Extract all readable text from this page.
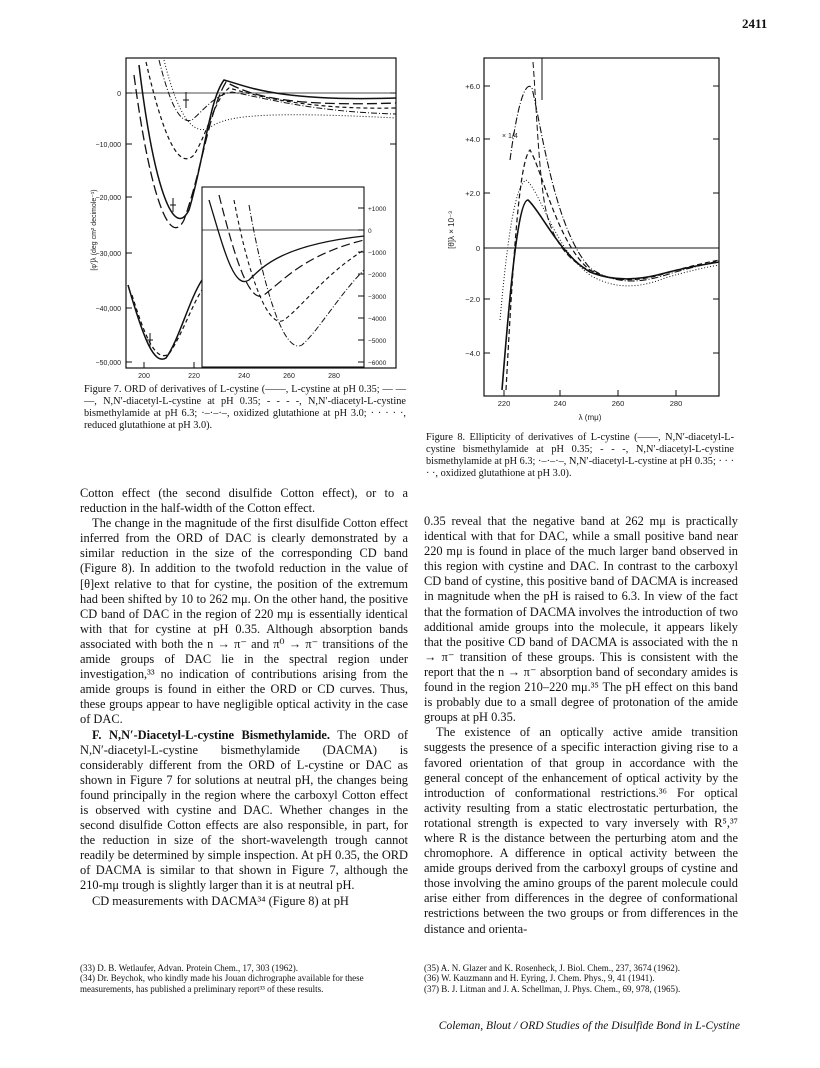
2411
0
−10,000
−20,000
−30,000
−40,000
−50,000
[φ']λ (deg cm² decimole⁻¹)
200	220	240	260	280
+1000
0
−1000
−2000
−3000
−4000
−5000
−6000
Figure 7. ORD of derivatives of L-cystine (——, L-cystine at pH 0.35; — — —, N,N′-diacetyl-L-cystine at pH 0.35; - - - -, N,N′-diacetyl-L-cystine bismethylamide at pH 6.3; ·–·–·–, oxidized glutathione at pH 3.0; · · · · ·, reduced glutathione at pH 3.0).
+6.0
+4.0
+2.0
0
−2.0
−4.0
[θ]λ × 10⁻³
220	240	260	280
λ (mμ)
× 1/4
Figure 8. Ellipticity of derivatives of L-cystine (——, N,N′-diacetyl-L-cystine bismethylamide at pH 0.35; - - -, N,N′-diacetyl-L-cystine bismethylamide at pH 6.3; ·–·–·–, N,N′-diacetyl-L-cystine at pH 0.35; · · · · ·, oxidized glutathione at pH 3.0).

Cotton effect (the second disulfide Cotton effect), or to a reduction in the half-width of the Cotton effect.

The change in the magnitude of the first disulfide Cotton effect inferred from the ORD of DAC is clearly demonstrated by a similar reduction in the size of the corresponding CD band (Figure 8). In addition to the twofold reduction in the value of [θ]ext relative to that for cystine, the position of the extremum had been shifted by 10 to 262 mμ. On the other hand, the positive CD band of DAC in the region of 220 mμ is essentially identical with that for cystine at pH 0.35. Although absorption bands associated with both the n → π⁻ and π⁰ → π⁻ transitions of the amide groups of DAC lie in the spectral region under investigation,³³ no indication of contributions arising from the amide groups is found in either the ORD or CD curves. Thus, these groups appear to have negligible optical activity in the case of DAC.

F. N,N′-Diacetyl-L-cystine Bismethylamide. The ORD of N,N′-diacetyl-L-cystine bismethylamide (DACMA) is considerably different from the ORD of L-cystine or DAC as shown in Figure 7 for solutions at neutral pH, the changes being found principally in the region where the carboxyl Cotton effect is observed with cystine and DAC. Whether changes in the second disulfide Cotton effects are also responsible, in part, for the reduction in size of the short-wavelength trough cannot readily be determined by simple inspection. At pH 0.35, the ORD of DACMA is similar to that shown in Figure 7, although the 210-mμ trough is slightly larger than it is at neutral pH.

CD measurements with DACMA³⁴ (Figure 8) at pH

0.35 reveal that the negative band at 262 mμ is practically identical with that for DAC, while a small positive band near 220 mμ is found in place of the much larger band observed in this region with cystine and DAC. In contrast to the carboxyl CD band of cystine, this positive band of DACMA is increased in magnitude when the pH is raised to 6.3. In view of the fact that the formation of DACMA involves the introduction of two additional amide groups into the molecule, it appears likely that the positive CD band of DACMA is associated with the n → π⁻ transition of these groups. This is consistent with the report that the n → π⁻ absorption band of secondary amides is found in the region 210–220 mμ.³⁵ The pH effect on this band is probably due to a small degree of protonation of the amide groups at pH 0.35.

The existence of an optically active amide transition suggests the presence of a specific interaction giving rise to a favored orientation of that group in accordance with the general concept of the enhancement of optical activity by the introduction of conformational restrictions.³⁶ For optical activity resulting from a static electrostatic perturbation, the rotational strength is expected to vary inversely with R⁵,³⁷ where R is the distance between the perturbing atom and the chromophore. A difference in optical activity between the amide groups derived from the carboxyl groups of cystine and those involving the amino groups of the parent molecule could arise either from differences in the degree of conformational restrictions between the two groups or from differences in the distance and orienta-

(33) D. B. Wetlaufer, Advan. Protein Chem., 17, 303 (1962).
(34) Dr. Beychok, who kindly made his Jouan dichrographe available for these measurements, has published a preliminary report³³ of these results.
(35) A. N. Glazer and K. Rosenheck, J. Biol. Chem., 237, 3674 (1962).
(36) W. Kauzmann and H. Eyring, J. Chem. Phys., 9, 41 (1941).
(37) B. J. Litman and J. A. Schellman, J. Phys. Chem., 69, 978, (1965).
Coleman, Blout / ORD Studies of the Disulfide Bond in L-Cystine
